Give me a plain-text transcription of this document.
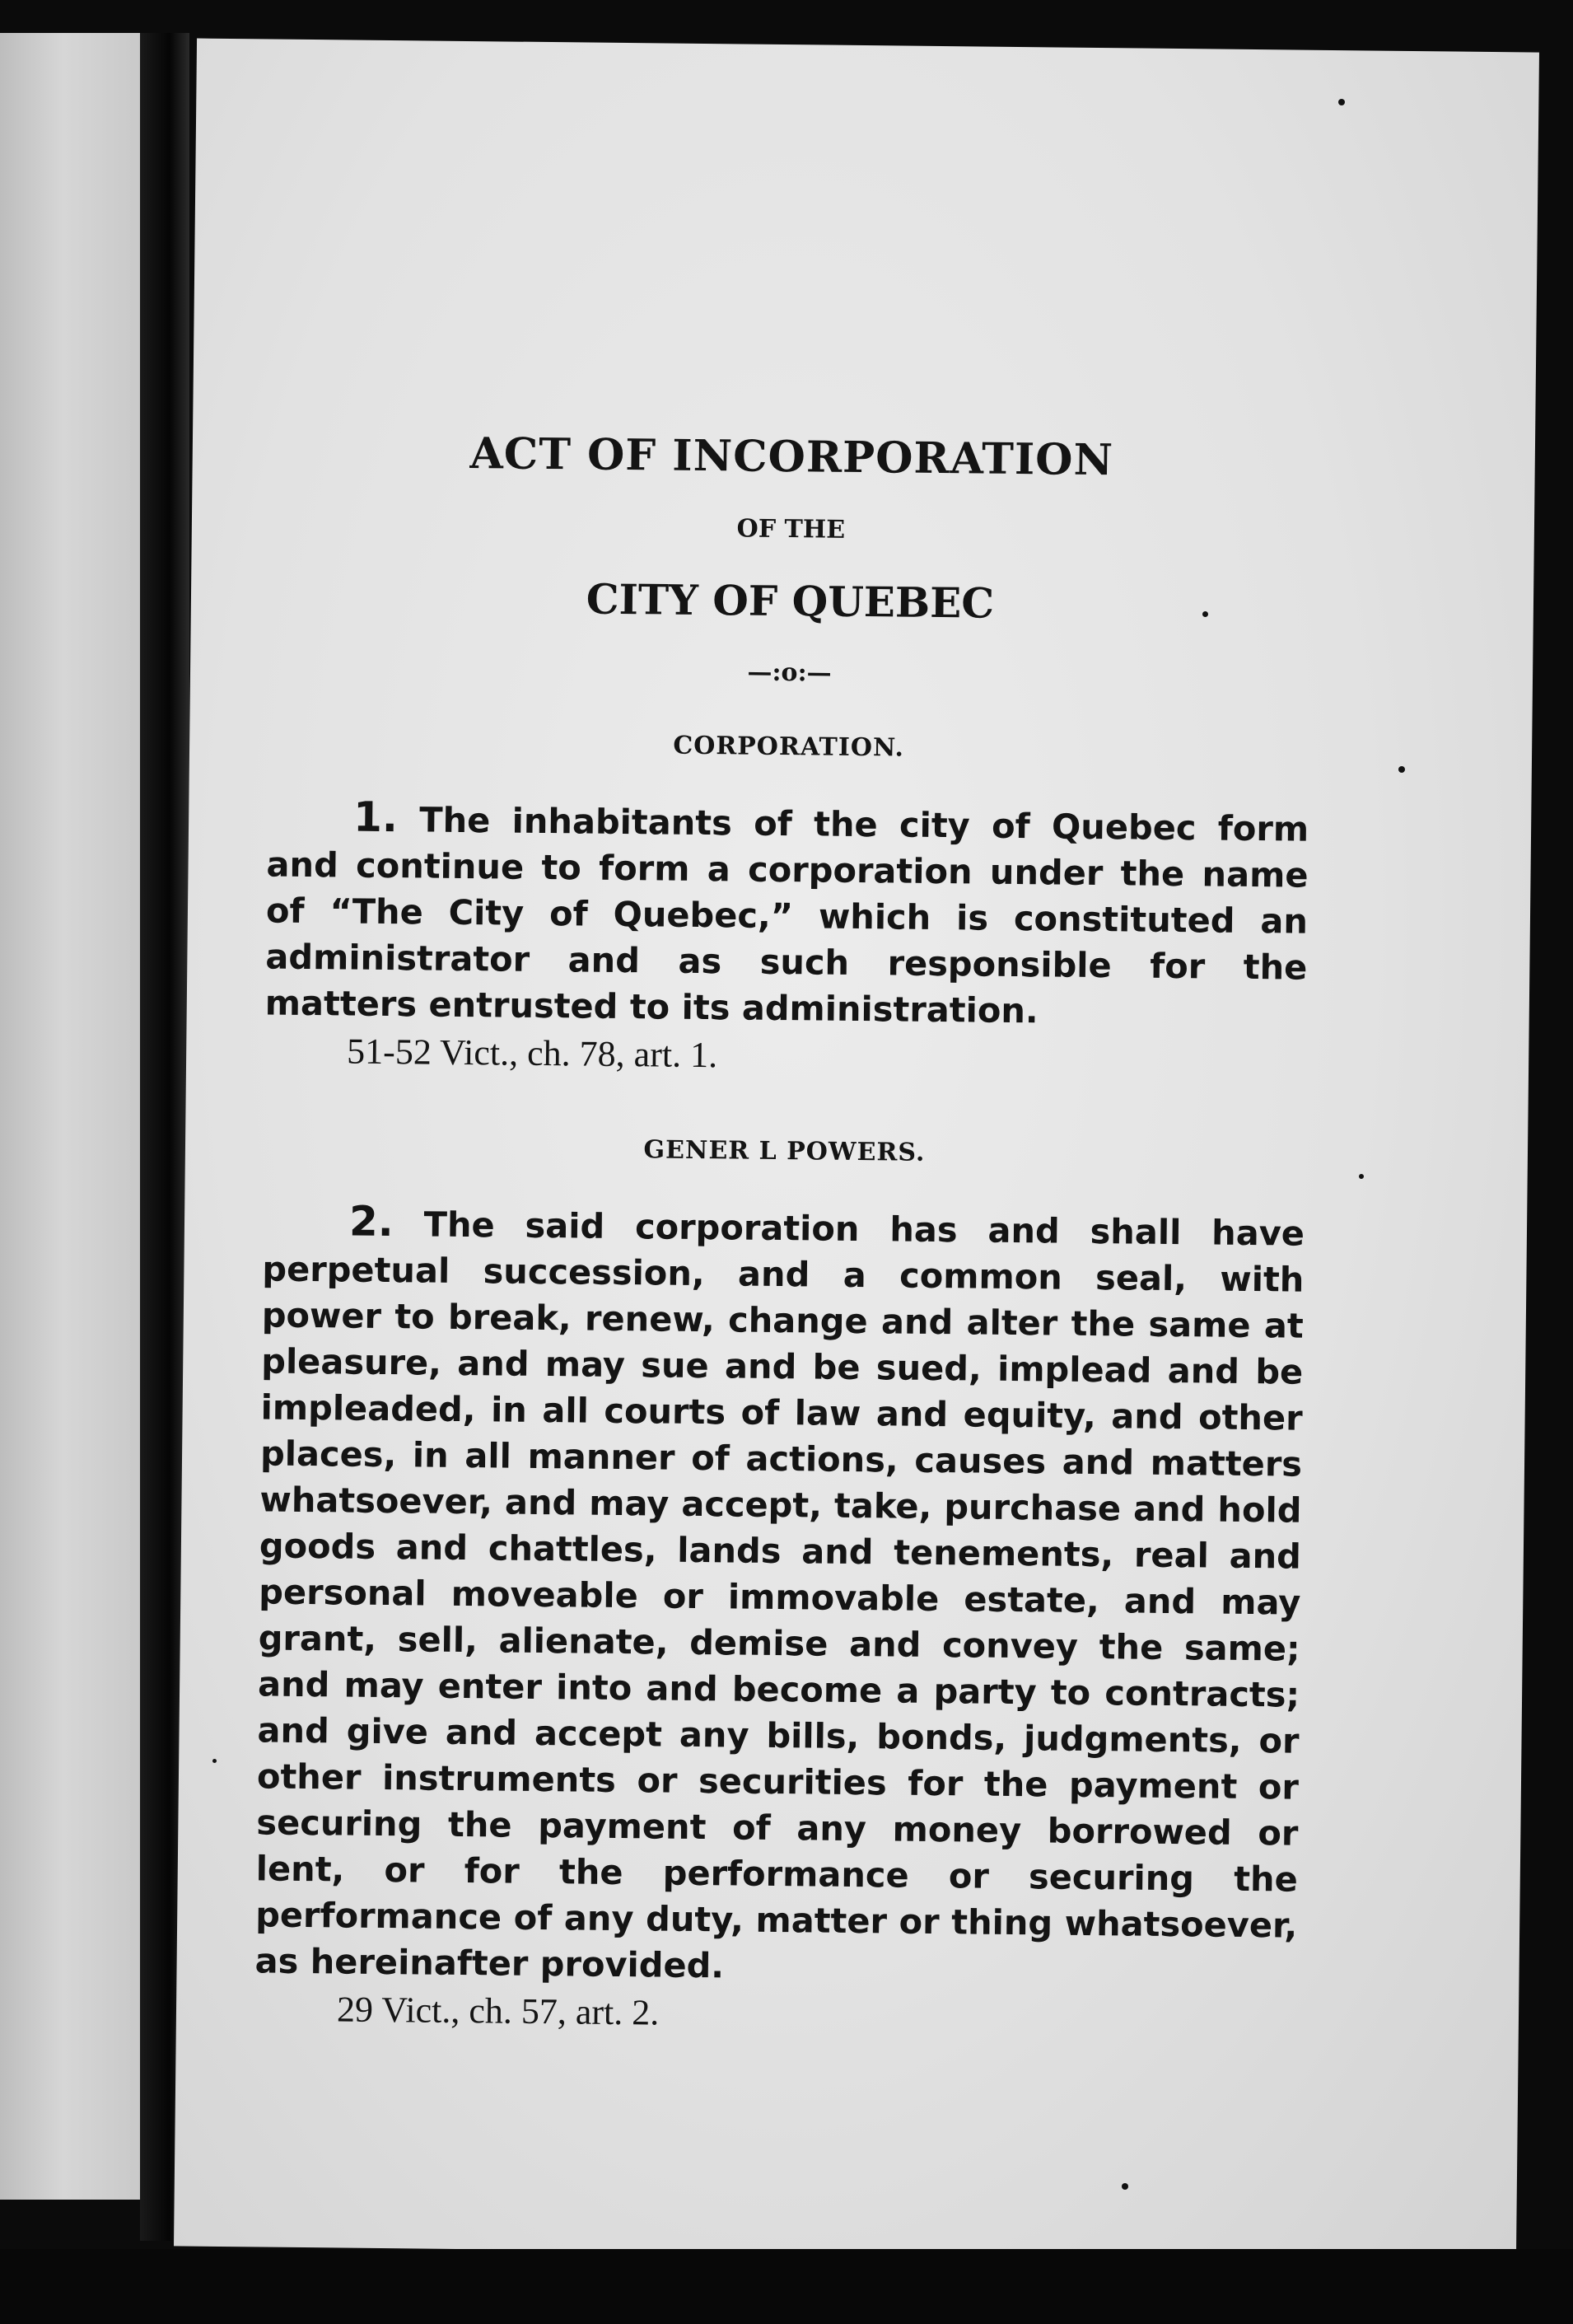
ACT OF INCORPORATION
OF THE
CITY OF QUEBEC
—:o:—
CORPORATION.

1. The inhabitants of the city of Quebec form and continue to form a corporation under the name of “The City of Quebec,” which is constituted an administrator and as such responsible for the matters entrusted to its administration.

51-52 Vict., ch. 78, art. 1.
GENER L POWERS.

2. The said corporation has and shall have perpetual succession, and a common seal, with power to break, renew, change and alter the same at pleasure, and may sue and be sued, implead and be impleaded, in all courts of law and equity, and other places, in all manner of actions, causes and matters whatsoever, and may accept, take, purchase and hold goods and chattles, lands and tenements, real and personal moveable or immovable estate, and may grant, sell, alienate, demise and convey the same; and may enter into and become a party to contracts; and give and accept any bills, bonds, judgments, or other instruments or securities for the payment or securing the payment of any money borrowed or lent, or for the performance or securing the performance of any duty, matter or thing whatsoever, as hereinafter provided.

29 Vict., ch. 57, art. 2.
